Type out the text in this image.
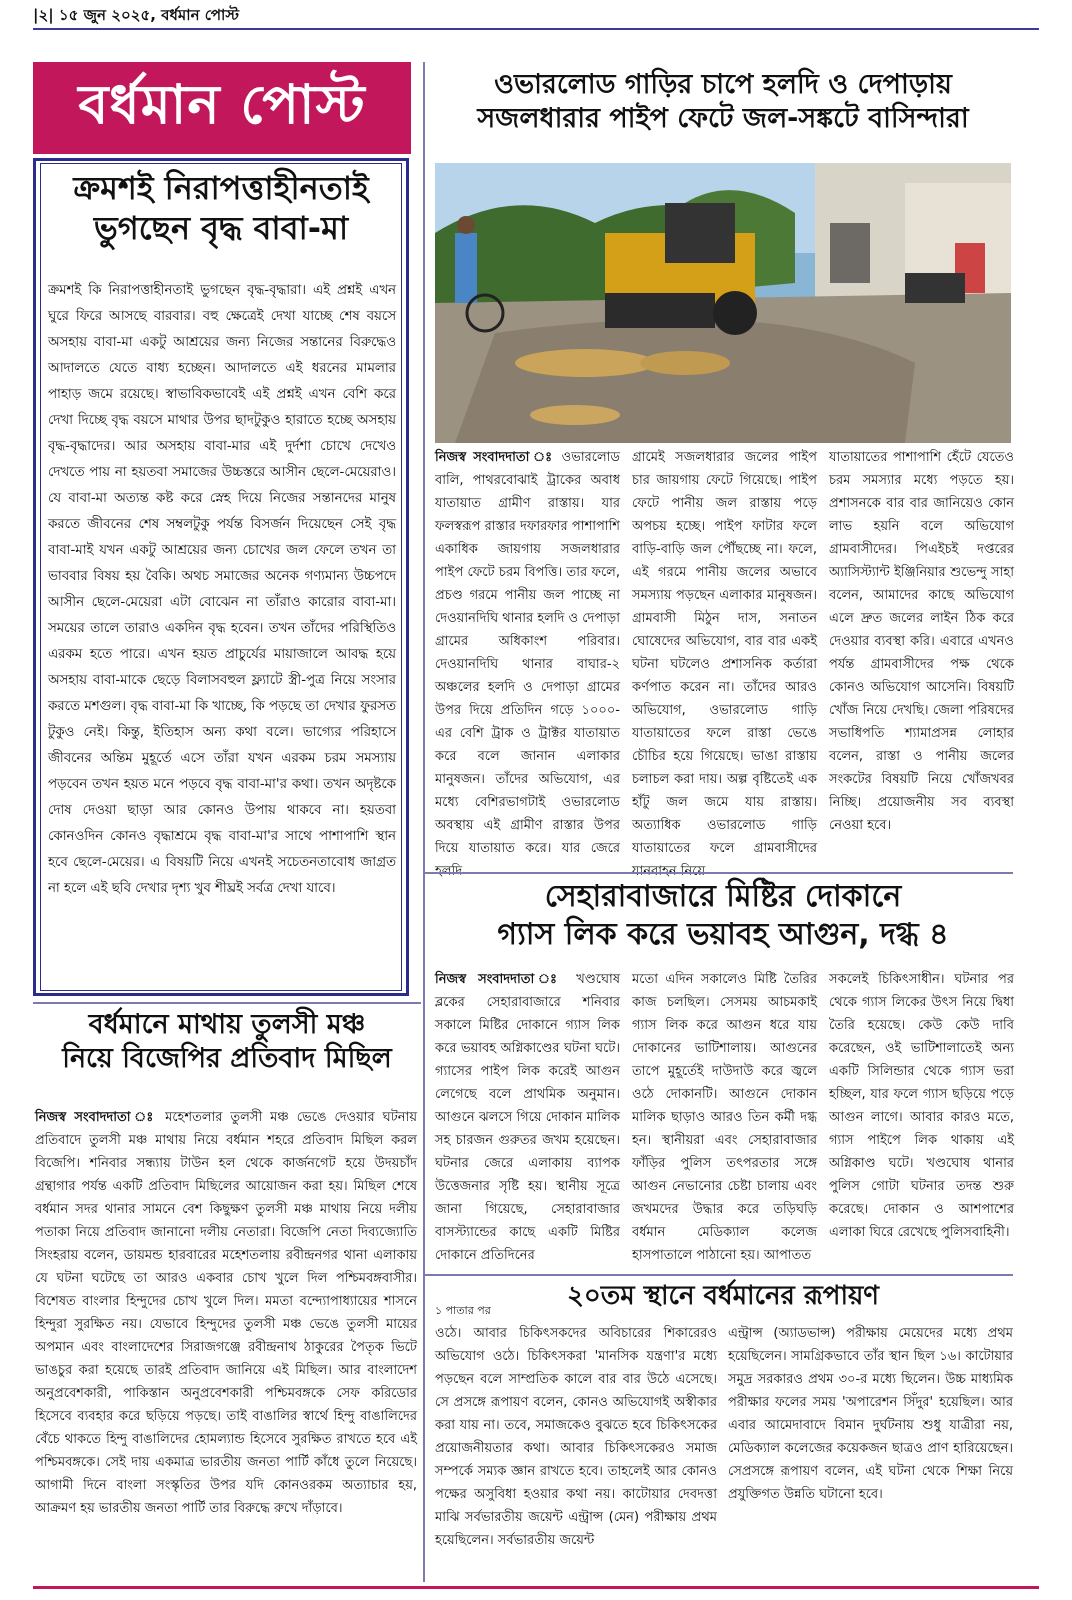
|২| ১৫ জুন ২০২৫, বর্ধমান পোস্ট
বর্ধমান পোস্ট
ক্রমশই নিরাপত্তাহীনতাই
ভুগছেন বৃদ্ধ বাবা-মা
ক্রমশই কি নিরাপত্তাহীনতাই ভুগছেন বৃদ্ধ-বৃদ্ধারা। এই প্রশ্নই এখন ঘুরে ফিরে আসছে বারবার। বহু ক্ষেত্রেই দেখা যাচ্ছে শেষ বয়সে অসহায় বাবা-মা একটু আশ্রয়ের জন্য নিজের সন্তানের বিরুদ্ধেও আদালতে যেতে বাধ্য হচ্ছেন। আদালতে এই ধরনের মামলার পাহাড় জমে রয়েছে। স্বাভাবিকভাবেই এই প্রশ্নই এখন বেশি করে দেখা দিচ্ছে বৃদ্ধ বয়সে মাথার উপর ছাদটুকুও হারাতে হচ্ছে অসহায় বৃদ্ধ-বৃদ্ধাদের। আর অসহায় বাবা-মার এই দুর্দশা চোখে দেখেও দেখতে পায় না হয়তবা সমাজের উচ্চস্তরে আসীন ছেলে-মেয়েরাও। যে বাবা-মা অত্যন্ত কষ্ট করে স্নেহ দিয়ে নিজের সন্তানদের মানুষ করতে জীবনের শেষ সম্বলটুকু পর্যন্ত বিসর্জন দিয়েছেন সেই বৃদ্ধ বাবা-মাই যখন একটু আশ্রয়ের জন্য চোখের জল ফেলে তখন তা ভাববার বিষয় হয় বৈকি। অথচ সমাজের অনেক গণ্যমান্য উচ্চপদে আসীন ছেলে-মেয়েরা এটা বোঝেন না তাঁরাও কারোর বাবা-মা। সময়ের তালে তারাও একদিন বৃদ্ধ হবেন। তখন তাঁদের পরিস্থিতিও এরকম হতে পারে। এখন হয়ত প্রাচুর্যের মায়াজালে আবদ্ধ হয়ে অসহায় বাবা-মাকে ছেড়ে বিলাসবহুল ফ্ল্যাটে স্ত্রী-পুত্র নিয়ে সংসার করতে মশগুল। বৃদ্ধ বাবা-মা কি খাচ্ছে, কি পড়ছে তা দেখার ফুরসত টুকুও নেই। কিন্তু, ইতিহাস অন্য কথা বলে। ভাগ্যের পরিহাসে জীবনের অন্তিম মুহূর্তে এসে তাঁরা যখন এরকম চরম সমস্যায় পড়বেন তখন হয়ত মনে পড়বে বৃদ্ধ বাবা-মা'র কথা। তখন অদৃষ্টকে দোষ দেওয়া ছাড়া আর কোনও উপায় থাকবে না। হয়তবা কোনওদিন কোনও বৃদ্ধাশ্রমে বৃদ্ধ বাবা-মা'র সাথে পাশাপাশি স্থান হবে ছেলে-মেয়ের। এ বিষয়টি নিয়ে এখনই সচেতনতাবোধ জাগ্রত না হলে এই ছবি দেখার দৃশ্য খুব শীঘ্রই সর্বত্র দেখা যাবে।
ওভারলোড গাড়ির চাপে হলদি ও দেপাড়ায়
সজলধারার পাইপ ফেটে জল-সঙ্কটে বাসিন্দারা
নিজস্ব সংবাদদাতা ঃ ওভারলোড বালি, পাথরবোঝাই ট্রাকের অবাধ যাতায়াত গ্রামীণ রাস্তায়। যার ফলস্বরূপ রাস্তার দফারফার পাশাপাশি একাধিক জায়গায় সজলধারার পাইপ ফেটে চরম বিপত্তি। তার ফলে, প্রচণ্ড গরমে পানীয় জল পাচ্ছে না দেওয়ানদিঘি থানার হলদি ও দেপাড়া গ্রামের অধিকাংশ পরিবার। দেওয়ানদিঘি থানার বাঘার-২ অঞ্চলের হলদি ও দেপাড়া গ্রামের উপর দিয়ে প্রতিদিন গড়ে ১০০০-এর বেশি ট্রাক ও ট্রাক্টর যাতায়াত করে বলে জানান এলাকার মানুষজন। তাঁদের অভিযোগ, এর মধ্যে বেশিরভাগটাই ওভারলোড অবস্থায় এই গ্রামীণ রাস্তার উপর দিয়ে যাতায়াত করে। যার জেরে
গ্রামেই সজলধারার জলের পাইপ চার জায়গায় ফেটে গিয়েছে। পাইপ ফেটে পানীয় জল রাস্তায় পড়ে অপচয় হচ্ছে। পাইপ ফাটার ফলে বাড়ি-বাড়ি জল পৌঁছচ্ছে না। ফলে, এই গরমে পানীয় জলের অভাবে সমস্যায় পড়ছেন এলাকার মানুষজন। গ্রামবাসী মিঠুন দাস, সনাতন ঘোষেদের অভিযোগ, বার বার একই ঘটনা ঘটলেও প্রশাসনিক কর্তারা কর্ণপাত করেন না। তাঁদের আরও অভিযোগ, ওভারলোড গাড়ি যাতায়াতের ফলে রাস্তা ভেঙে চৌচির হয়ে গিয়েছে। ভাঙা রাস্তায় চলাচল করা দায়। অল্প বৃষ্টিতেই এক হাঁটু জল জমে যায় রাস্তায়। অত্যাধিক ওভারলোড গাড়ি যাতায়াতের ফলে গ্রামবাসীদের
যাতায়াতের পাশাপাশি হেঁটে যেতেও চরম সমস্যার মধ্যে পড়তে হয়। প্রশাসনকে বার বার জানিয়েও কোন লাভ হয়নি বলে অভিযোগ গ্রামবাসীদের। পিএইচই দপ্তরের অ্যাসিস্ট্যান্ট ইঞ্জিনিয়ার শুভেন্দু সাহা বলেন, আমাদের কাছে অভিযোগ এলে দ্রুত জলের লাইন ঠিক করে দেওয়ার ব্যবস্থা করি। এবারে এখনও পর্যন্ত গ্রামবাসীদের পক্ষ থেকে কোনও অভিযোগ আসেনি। বিষয়টি খোঁজ নিয়ে দেখছি। জেলা পরিষদের সভাধিপতি শ্যামাপ্রসন্ন লোহার বলেন, রাস্তা ও পানীয় জলের সংকটের বিষয়টি নিয়ে খোঁজখবর নিচ্ছি। প্রয়োজনীয় সব ব্যবস্থা নেওয়া হবে।
সেহারাবাজারে মিষ্টির দোকানে
গ্যাস লিক করে ভয়াবহ আগুন, দগ্ধ ৪
নিজস্ব সংবাদদাতা ঃ খণ্ডঘোষ ব্লকের সেহারাবাজারে শনিবার সকালে মিষ্টির দোকানে গ্যাস লিক করে ভয়াবহ অগ্নিকাণ্ডের ঘটনা ঘটে। গ্যাসের পাইপ লিক করেই আগুন লেগেছে বলে প্রাথমিক অনুমান। আগুনে ঝলসে গিয়ে দোকান মালিক সহ চারজন গুরুতর জখম হয়েছেন। ঘটনার জেরে এলাকায় ব্যাপক উত্তেজনার সৃষ্টি হয়। স্থানীয় সূত্রে জানা গিয়েছে, সেহারাবাজার বাসস্ট্যান্ডের কাছে একটি মিষ্টির দোকানে প্রতিদিনের
মতো এদিন সকালেও মিষ্টি তৈরির কাজ চলছিল। সেসময় আচমকাই গ্যাস লিক করে আগুন ধরে যায় দোকানের ভাটিশালায়। আগুনের তাপে মুহূর্তেই দাউদাউ করে জ্বলে ওঠে দোকানটি। আগুনে দোকান মালিক ছাড়াও আরও তিন কর্মী দগ্ধ হন। স্থানীয়রা এবং সেহারাবাজার ফাঁড়ির পুলিস তৎপরতার সঙ্গে আগুন নেভানোর চেষ্টা চালায় এবং জখমদের উদ্ধার করে তড়িঘড়ি বর্ধমান মেডিক্যাল কলেজ হাসপাতালে পাঠানো হয়। আপাতত
সকলেই চিকিৎসাধীন। ঘটনার পর থেকে গ্যাস লিকের উৎস নিয়ে দ্বিধা তৈরি হয়েছে। কেউ কেউ দাবি করেছেন, ওই ভাটিশালাতেই অন্য একটি সিলিন্ডার থেকে গ্যাস ভরা হচ্ছিল, যার ফলে গ্যাস ছড়িয়ে পড়ে আগুন লাগে। আবার কারও মতে, গ্যাস পাইপে লিক থাকায় এই অগ্নিকাণ্ড ঘটে। খণ্ডঘোষ থানার পুলিস গোটা ঘটনার তদন্ত শুরু করেছে। দোকান ও আশপাশের এলাকা ঘিরে রেখেছে পুলিসবাহিনী।
২০তম স্থানে বর্ধমানের রূপায়ণ
১ পাতার পর
ওঠে। আবার চিকিৎসকদের অবিচারের শিকারেরও অভিযোগ ওঠে। চিকিৎসকরা 'মানসিক যন্ত্রণা'র মধ্যে পড়ছেন বলে সাম্প্রতিক কালে বার বার উঠে এসেছে। সে প্রসঙ্গে রূপায়ণ বলেন, কোনও অভিযোগই অস্বীকার করা যায় না। তবে, সমাজকেও বুঝতে হবে চিকিৎসকের প্রয়োজনীয়তার কথা। আবার চিকিৎসকেরও সমাজ সম্পর্কে সম্যক জ্ঞান রাখতে হবে। তাহলেই আর কোনও পক্ষের অসুবিধা হওয়ার কথা নয়। কাটোয়ার দেবদত্তা মাঝি সর্বভারতীয় জয়েন্ট এন্ট্রান্স (মেন) পরীক্ষায় প্রথম হয়েছিলেন। সর্বভারতীয় জয়েন্ট
এন্ট্রান্স (অ্যাডভান্স) পরীক্ষায় মেয়েদের মধ্যে প্রথম হয়েছিলেন। সামগ্রিকভাবে তাঁর স্থান ছিল ১৬। কাটোয়ার সমুদ্র সরকারও প্রথম ৩০-র মধ্যে ছিলেন। উচ্চ মাধ্যমিক পরীক্ষার ফলের সময় 'অপারেশন সিঁদুর' হয়েছিল। আর এবার আমেদাবাদে বিমান দুর্ঘটনায় শুধু যাত্রীরা নয়, মেডিক্যাল কলেজের কয়েকজন ছাত্রও প্রাণ হারিয়েছেন। সেপ্রসঙ্গে রূপায়ণ বলেন, এই ঘটনা থেকে শিক্ষা নিয়ে প্রযুক্তিগত উন্নতি ঘটানো হবে।
বর্ধমানে মাথায় তুলসী মঞ্চ
নিয়ে বিজেপির প্রতিবাদ মিছিল
নিজস্ব সংবাদদাতা ঃ মহেশতলার তুলসী মঞ্চ ভেঙে দেওয়ার ঘটনায় প্রতিবাদে তুলসী মঞ্চ মাথায় নিয়ে বর্ধমান শহরে প্রতিবাদ মিছিল করল বিজেপি। শনিবার সন্ধ্যায় টাউন হল থেকে কার্জনগেট হয়ে উদয়চাঁদ গ্রন্থাগার পর্যন্ত একটি প্রতিবাদ মিছিলের আয়োজন করা হয়। মিছিল শেষে বর্ধমান সদর থানার সামনে বেশ কিছুক্ষণ তুলসী মঞ্চ মাথায় নিয়ে দলীয় পতাকা নিয়ে প্রতিবাদ জানানো দলীয় নেতারা। বিজেপি নেতা দিব্যজ্যোতি সিংহরায় বলেন, ডায়মন্ড হারবারের মহেশতলায় রবীন্দ্রনগর থানা এলাকায় যে ঘটনা ঘটেছে তা আরও একবার চোখ খুলে দিল পশ্চিমবঙ্গবাসীর। বিশেষত বাংলার হিন্দুদের চোখ খুলে দিল। মমতা বন্দ্যোপাধ্যায়ের শাসনে হিন্দুরা সুরক্ষিত নয়। যেভাবে হিন্দুদের তুলসী মঞ্চ ভেঙে তুলসী মায়ের অপমান এবং বাংলাদেশের সিরাজগঞ্জে রবীন্দ্রনাথ ঠাকুরের পৈতৃক ভিটে ভাঙচুর করা হয়েছে তারই প্রতিবাদ জানিয়ে এই মিছিল। আর বাংলাদেশ অনুপ্রবেশকারী, পাকিস্তান অনুপ্রবেশকারী পশ্চিমবঙ্গকে সেফ করিডোর হিসেবে ব্যবহার করে ছড়িয়ে পড়ছে। তাই বাঙালির স্বার্থে হিন্দু বাঙালিদের বেঁচে থাকতে হিন্দু বাঙালিদের হোমল্যান্ড হিসেবে সুরক্ষিত রাখতে হবে এই পশ্চিমবঙ্গকে। সেই দায় একমাত্র ভারতীয় জনতা পার্টি কাঁধে তুলে নিয়েছে। আগামী দিনে বাংলা সংস্কৃতির উপর যদি কোনওরকম অত্যাচার হয়, আক্রমণ হয় ভারতীয় জনতা পার্টি তার বিরুদ্ধে রুখে দাঁড়াবে।
